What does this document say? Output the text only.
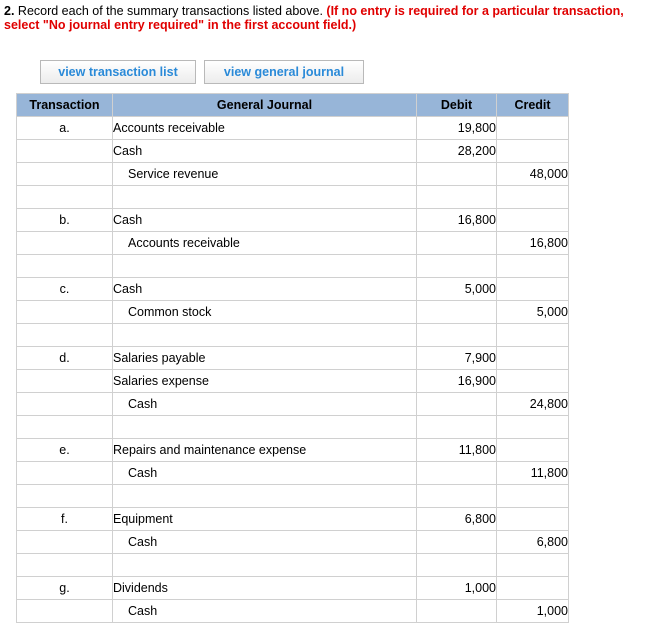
2. Record each of the summary transactions listed above. (If no entry is required for a particular transaction, select "No journal entry required" in the first account field.)
view transaction list	view general journal
Transaction	General Journal	Debit	Credit
a.	Accounts receivable	19,800	
	Cash	28,200	
	Service revenue		48,000

b.	Cash	16,800	
	Accounts receivable		16,800

c.	Cash	5,000	
	Common stock		5,000

d.	Salaries payable	7,900	
	Salaries expense	16,900	
	Cash		24,800

e.	Repairs and maintenance expense	11,800	
	Cash		11,800

f.	Equipment	6,800	
	Cash		6,800

g.	Dividends	1,000	
	Cash		1,000
